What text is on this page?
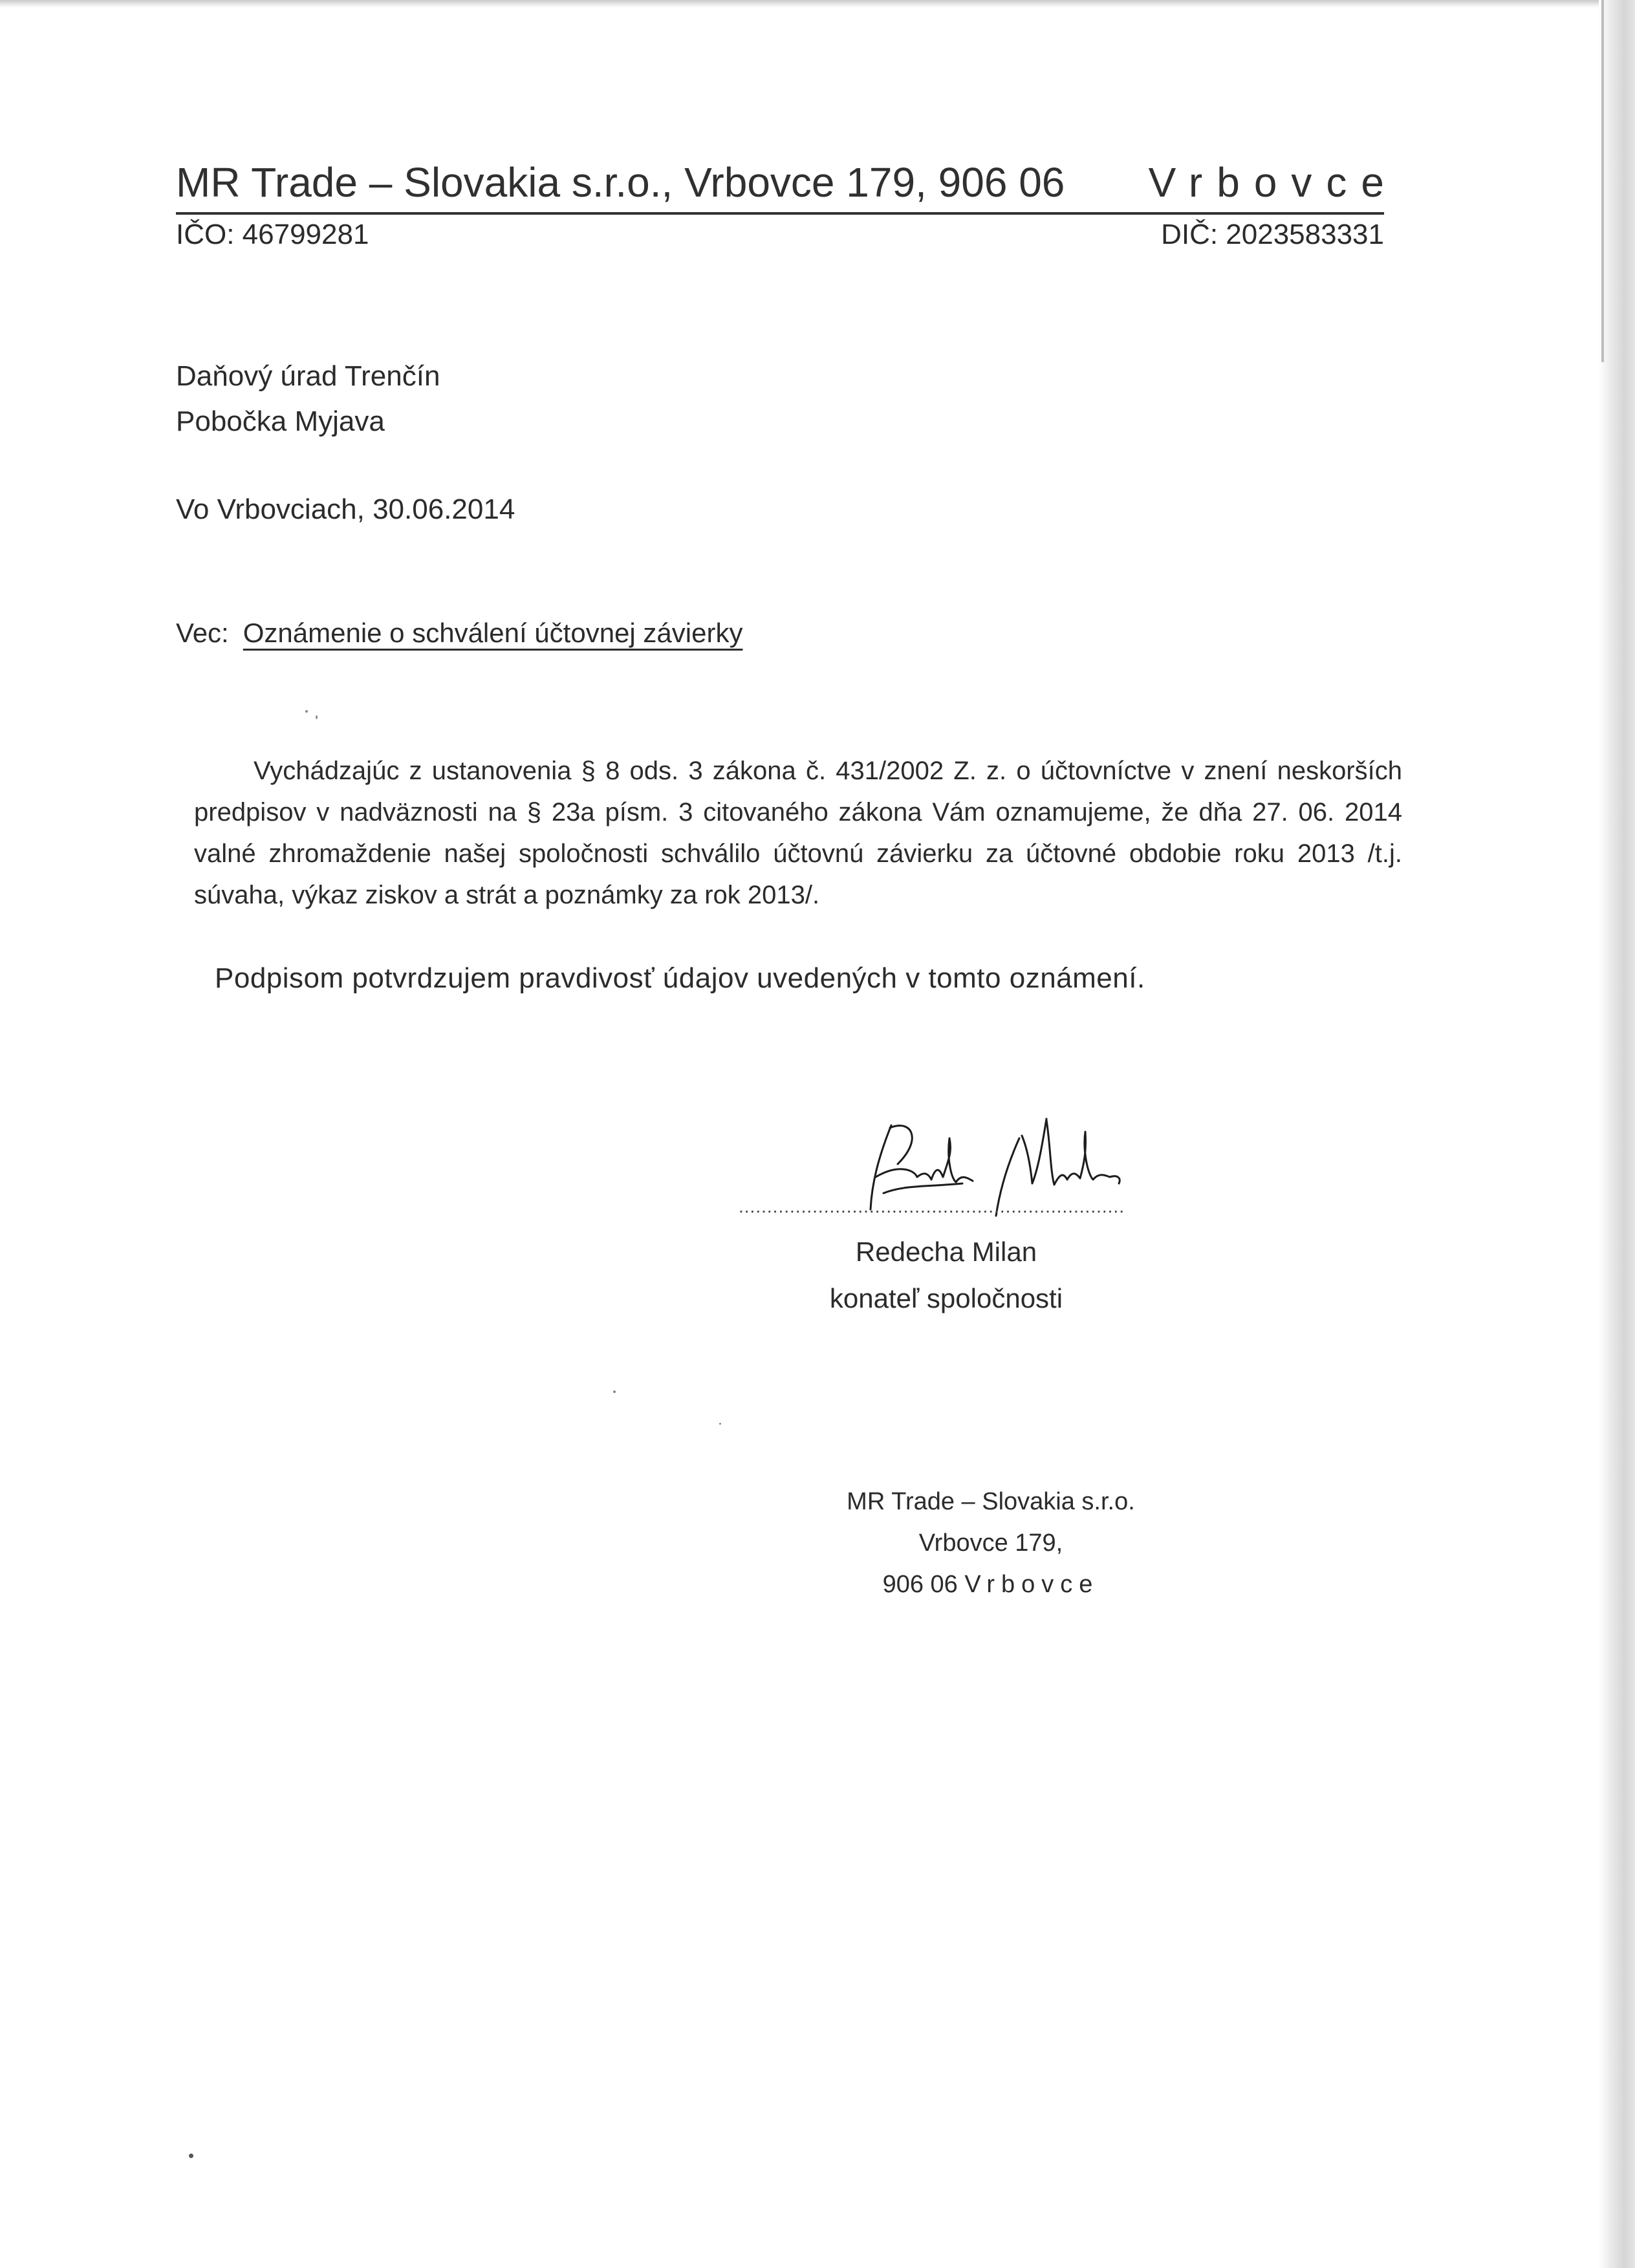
MR Trade – Slovakia s.r.o., Vrbovce 179, 906 06 Vrbovce
IČO: 46799281	DIČ: 2023583331
Daňový úrad Trenčín
Pobočka Myjava
Vo Vrbovciach, 30.06.2014
Vec: Oznámenie o schválení účtovnej závierky
Vychádzajúc z ustanovenia § 8 ods. 3 zákona č. 431/2002 Z. z. o účtovníctve v znení neskorších predpisov v nadväznosti na § 23a písm. 3 citovaného zákona Vám oznamujeme, že dňa 27. 06. 2014 valné zhromaždenie našej spoločnosti schválilo účtovnú závierku za účtovné obdobie roku 2013 /t.j. súvaha, výkaz ziskov a strát a poznámky za rok 2013/.
Podpisom potvrdzujem pravdivosť údajov uvedených v tomto oznámení.
....................................................................
Redecha Milan
konateľ spoločnosti
MR Trade – Slovakia s.r.o.
Vrbovce 179,
906 06 Vrbovce
